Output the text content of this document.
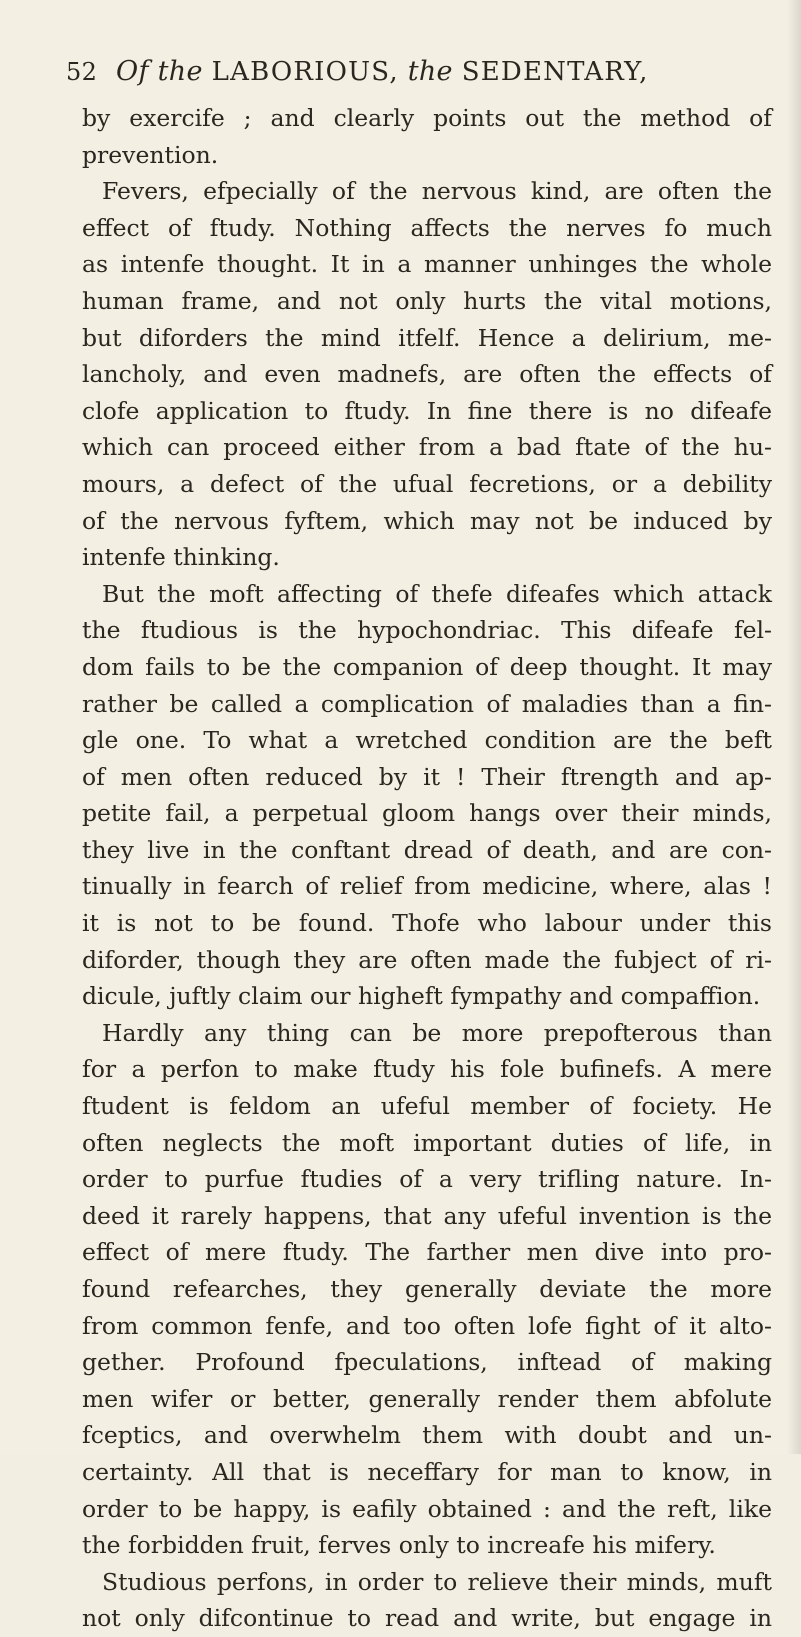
52 Of the LABORIOUS, the SEDENTARY,
by exercife ; and clearly points out the method of
prevention.
Fevers, efpecially of the nervous kind, are often the
effect of ftudy. Nothing affects the nerves fo much
as intenfe thought. It in a manner unhinges the whole
human frame, and not only hurts the vital motions,
but diforders the mind itfelf. Hence a delirium, me-
lancholy, and even madnefs, are often the effects of
clofe application to ftudy. In fine there is no difeafe
which can proceed either from a bad ftate of the hu-
mours, a defect of the ufual fecretions, or a debility
of the nervous fyftem, which may not be induced by
intenfe thinking.
But the moft affecting of thefe difeafes which attack
the ftudious is the hypochondriac. This difeafe fel-
dom fails to be the companion of deep thought. It may
rather be called a complication of maladies than a fin-
gle one. To what a wretched condition are the beft
of men often reduced by it ! Their ftrength and ap-
petite fail, a perpetual gloom hangs over their minds,
they live in the conftant dread of death, and are con-
tinually in fearch of relief from medicine, where, alas !
it is not to be found. Thofe who labour under this
diforder, though they are often made the fubject of ri-
dicule, juftly claim our higheft fympathy and compaffion.
Hardly any thing can be more prepofterous than
for a perfon to make ftudy his fole bufinefs. A mere
ftudent is feldom an ufeful member of fociety. He
often neglects the moft important duties of life, in
order to purfue ftudies of a very trifling nature. In-
deed it rarely happens, that any ufeful invention is the
effect of mere ftudy. The farther men dive into pro-
found refearches, they generally deviate the more
from common fenfe, and too often lofe fight of it alto-
gether. Profound fpeculations, inftead of making
men wifer or better, generally render them abfolute
fceptics, and overwhelm them with doubt and un-
certainty. All that is neceffary for man to know, in
order to be happy, is eafily obtained : and the reft, like
the forbidden fruit, ferves only to increafe his mifery.
Studious perfons, in order to relieve their minds, muft
not only difcontinue to read and write, but engage in
